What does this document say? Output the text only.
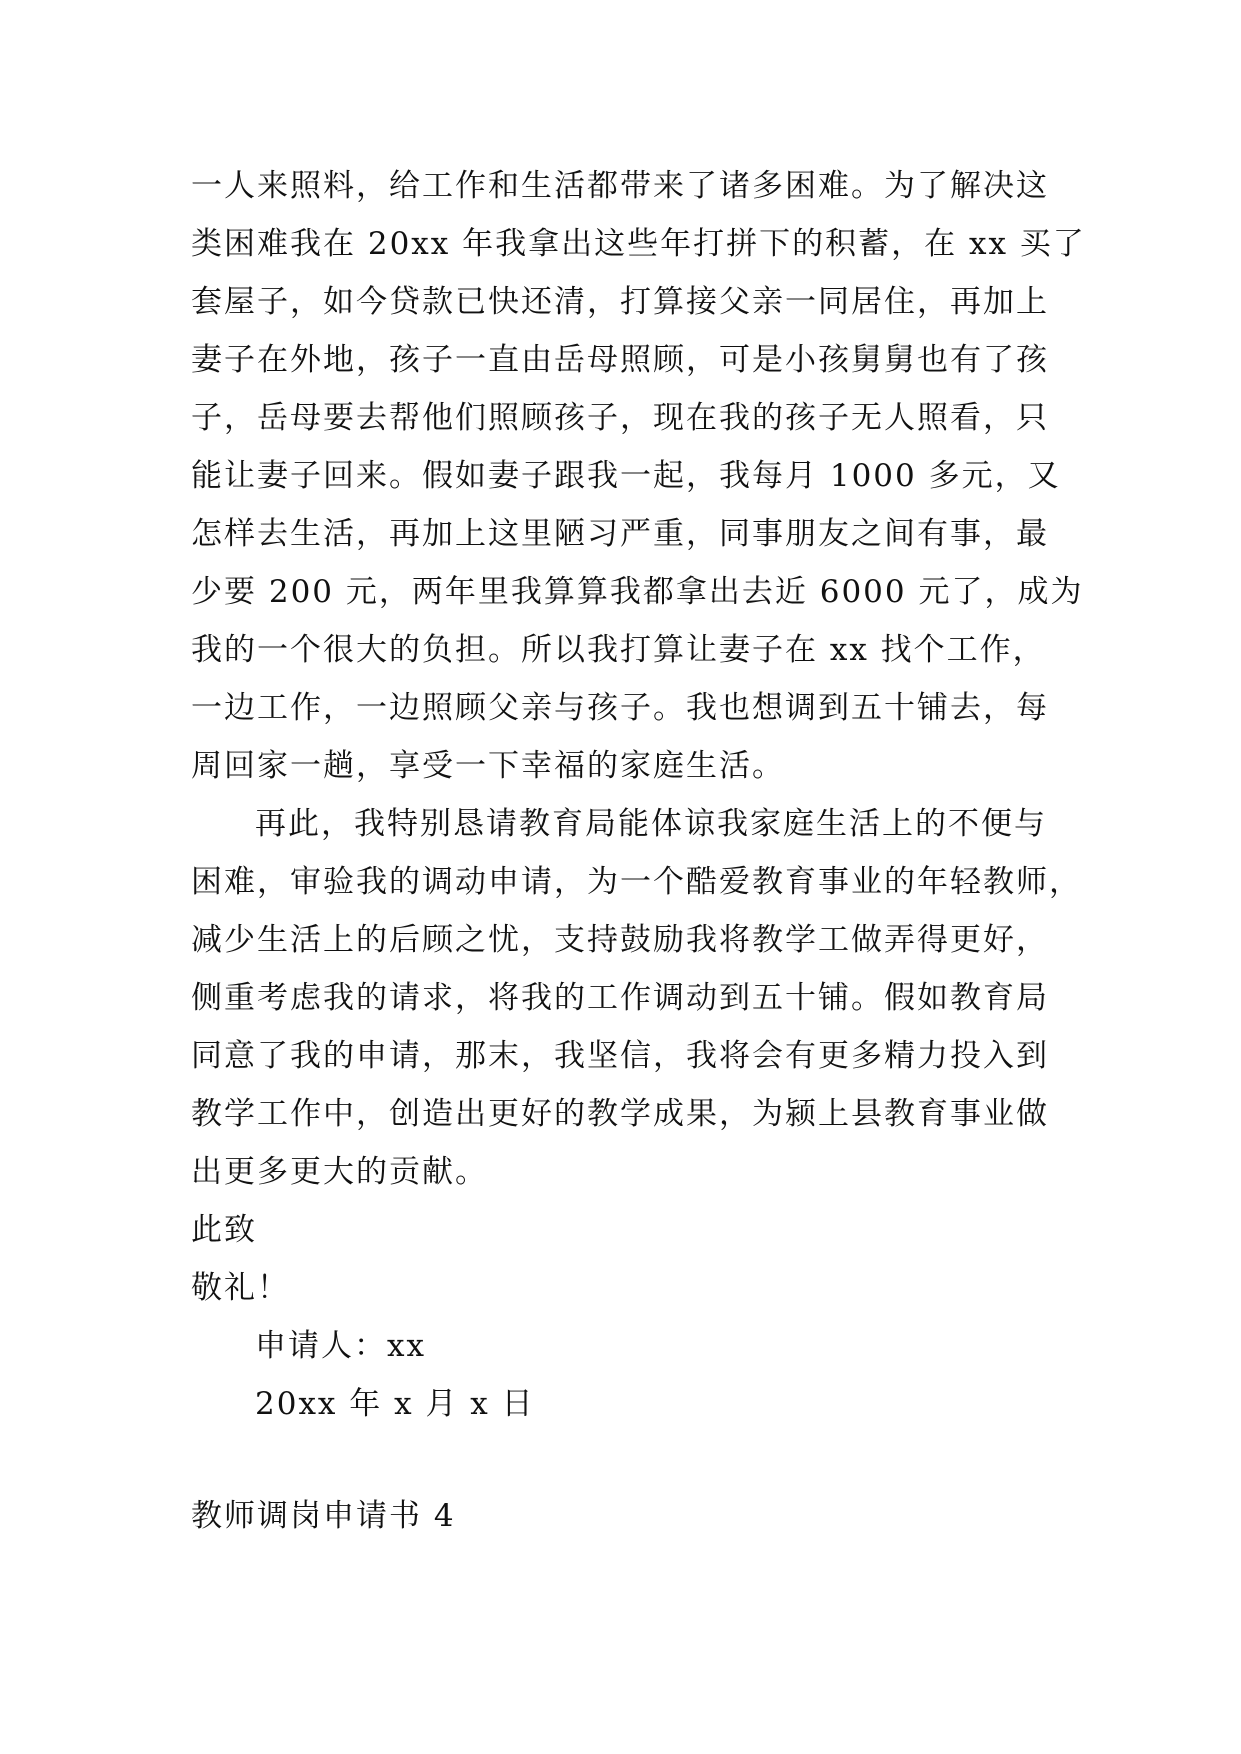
一人来照料，给工作和生活都带来了诸多困难。为了解决这
类困难我在 20xx 年我拿出这些年打拼下的积蓄，在 xx 买了
套屋子，如今贷款已快还清，打算接父亲一同居住，再加上
妻子在外地，孩子一直由岳母照顾，可是小孩舅舅也有了孩
子，岳母要去帮他们照顾孩子，现在我的孩子无人照看，只
能让妻子回来。假如妻子跟我一起，我每月 1000 多元，又
怎样去生活，再加上这里陋习严重，同事朋友之间有事，最
少要 200 元，两年里我算算我都拿出去近 6000 元了，成为
我的一个很大的负担。所以我打算让妻子在 xx 找个工作，
一边工作，一边照顾父亲与孩子。我也想调到五十铺去，每
周回家一趟，享受一下幸福的家庭生活。
再此，我特别恳请教育局能体谅我家庭生活上的不便与
困难，审验我的调动申请，为一个酷爱教育事业的年轻教师，
减少生活上的后顾之忧，支持鼓励我将教学工做弄得更好，
侧重考虑我的请求，将我的工作调动到五十铺。假如教育局
同意了我的申请，那末，我坚信，我将会有更多精力投入到
教学工作中，创造出更好的教学成果，为颍上县教育事业做
出更多更大的贡献。
此致
敬礼！
申请人：xx
20xx 年 x 月 x 日
教师调岗申请书 4
